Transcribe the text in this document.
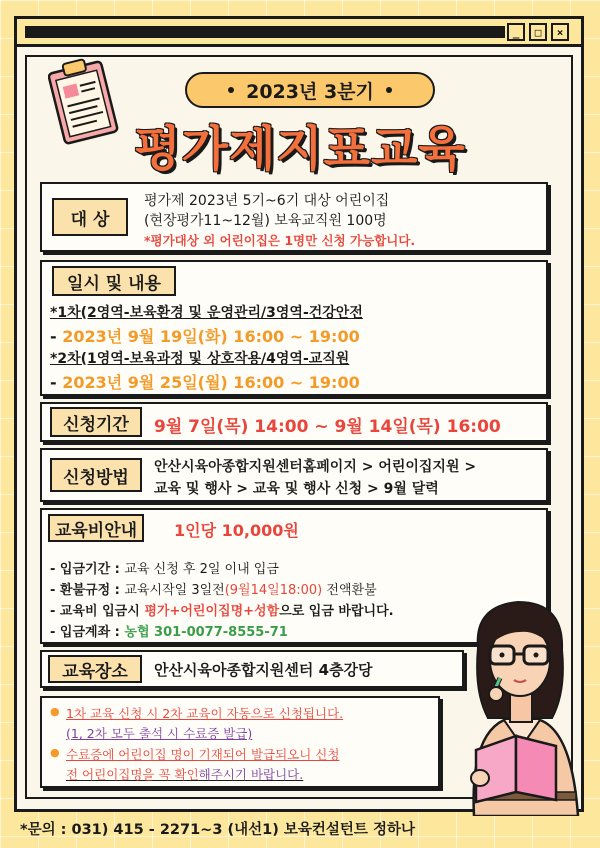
_	□	×
2023년 3분기
평가제지표교육
대 상
평가제 2023년 5기~6기 대상 어린이집
(현장평가11~12월) 보육교직원 100명
*평가대상 외 어린이집은 1명만 신청 가능합니다.
일시 및 내용
*1차(2영역-보육환경 및 운영관리/3영역-건강안전
- 2023년 9월 19일(화) 16:00 ~ 19:00
*2차(1영역-보육과정 및 상호작용/4영역-교직원
- 2023년 9월 25일(월) 16:00 ~ 19:00
신청기간	9월 7일(목) 14:00 ~ 9월 14일(목) 16:00
신청방법
안산시육아종합지원센터홈페이지 > 어린이집지원 >
교육 및 행사 > 교육 및 행사 신청 > 9월 달력
교육비안내	1인당 10,000원
- 입금기간 : 교육 신청 후 2일 이내 입금
- 환불규정 : 교육시작일 3일전(9월14일18:00) 전액환불
- 교육비 입금시 평가+어린이집명+성함으로 입금 바랍니다.
- 입금계좌 : 농협 301-0077-8555-71
교육장소	안산시육아종합지원센터 4층강당
● 1차 교육 신청 시 2차 교육이 자동으로 신청됩니다.
(1, 2차 모두 출석 시 수료증 발급)
● 수료증에 어린이집 명이 기재되어 발급되오니 신청
전 어린이집명을 꼭 확인해주시기 바랍니다.
*문의 : 031) 415 - 2271~3 (내선1) 보육컨설턴트 정하나
